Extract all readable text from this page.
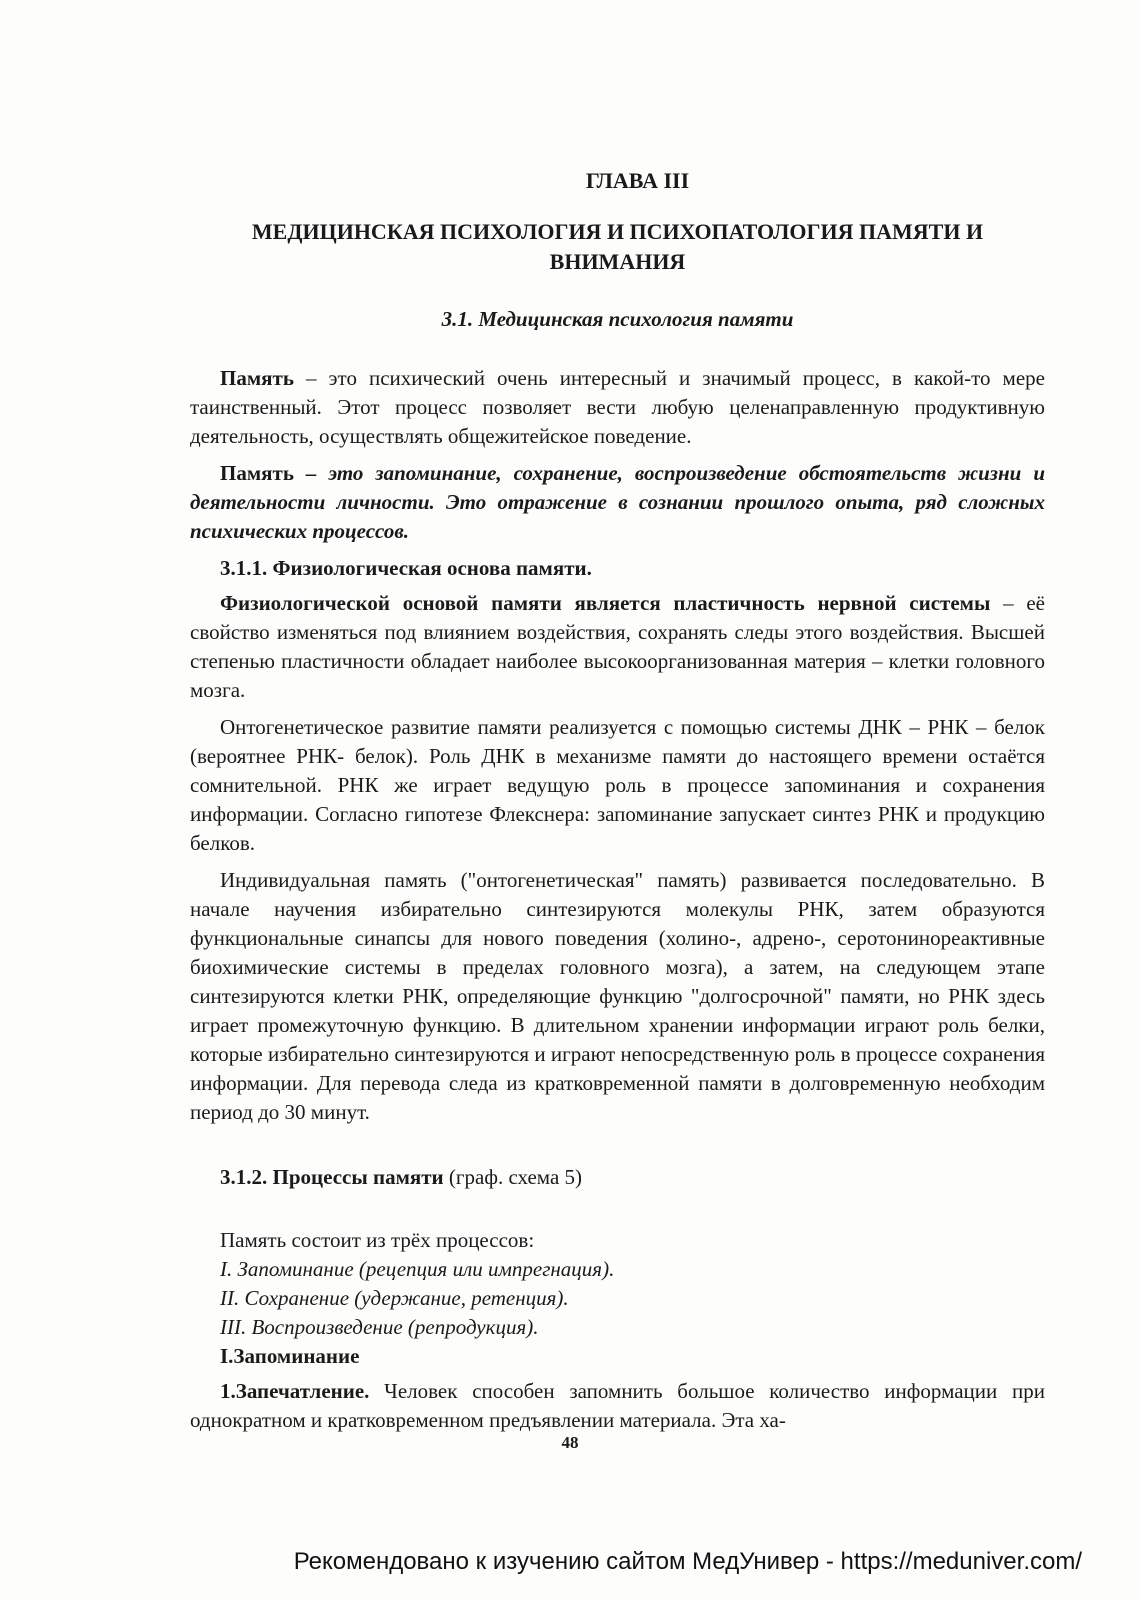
ГЛАВА III
МЕДИЦИНСКАЯ ПСИХОЛОГИЯ И ПСИХОПАТОЛОГИЯ ПАМЯТИ И ВНИМАНИЯ
3.1. Медицинская психология памяти

Память – это психический очень интересный и значимый процесс, в какой-то мере таинственный. Этот процесс позволяет вести любую целенаправленную продуктивную деятельность, осуществлять общежитейское поведение.

Память – это запоминание, сохранение, воспроизведение обстоятельств жизни и деятельности личности. Это отражение в сознании прошлого опыта, ряд сложных психических процессов.

3.1.1. Физиологическая основа памяти.

Физиологической основой памяти является пластичность нервной системы – её свойство изменяться под влиянием воздействия, сохранять следы этого воздействия. Высшей степенью пластичности обладает наиболее высокоорганизованная материя – клетки головного мозга.

Онтогенетическое развитие памяти реализуется с помощью системы ДНК – РНК – белок (вероятнее РНК- белок). Роль ДНК в механизме памяти до настоящего времени остаётся сомнительной. РНК же играет ведущую роль в процессе запоминания и сохранения информации. Согласно гипотезе Флекснера: запоминание запускает синтез РНК и продукцию белков.

Индивидуальная память ("онтогенетическая" память) развивается последовательно. В начале научения избирательно синтезируются молекулы РНК, затем образуются функциональные синапсы для нового поведения (холино-, адрено-, серотонинореактивные биохимические системы в пределах головного мозга), а затем, на следующем этапе синтезируются клетки РНК, определяющие функцию "долгосрочной" памяти, но РНК здесь играет промежуточную функцию. В длительном хранении информации играют роль белки, которые избирательно синтезируются и играют непосредственную роль в процессе сохранения информации. Для перевода следа из кратковременной памяти в долговременную необходим период до 30 минут.

3.1.2. Процессы памяти (граф. схема 5)
Память состоит из трёх процессов:
I. Запоминание (рецепция или импрегнация).
II. Сохранение (удержание, ретенция).
III. Воспроизведение (репродукция).
I.Запоминание

1.Запечатление. Человек способен запомнить большое количество информации при однократном и кратковременном предъявлении материала. Эта ха-

48
Рекомендовано к изучению сайтом МедУнивер - https://meduniver.com/
